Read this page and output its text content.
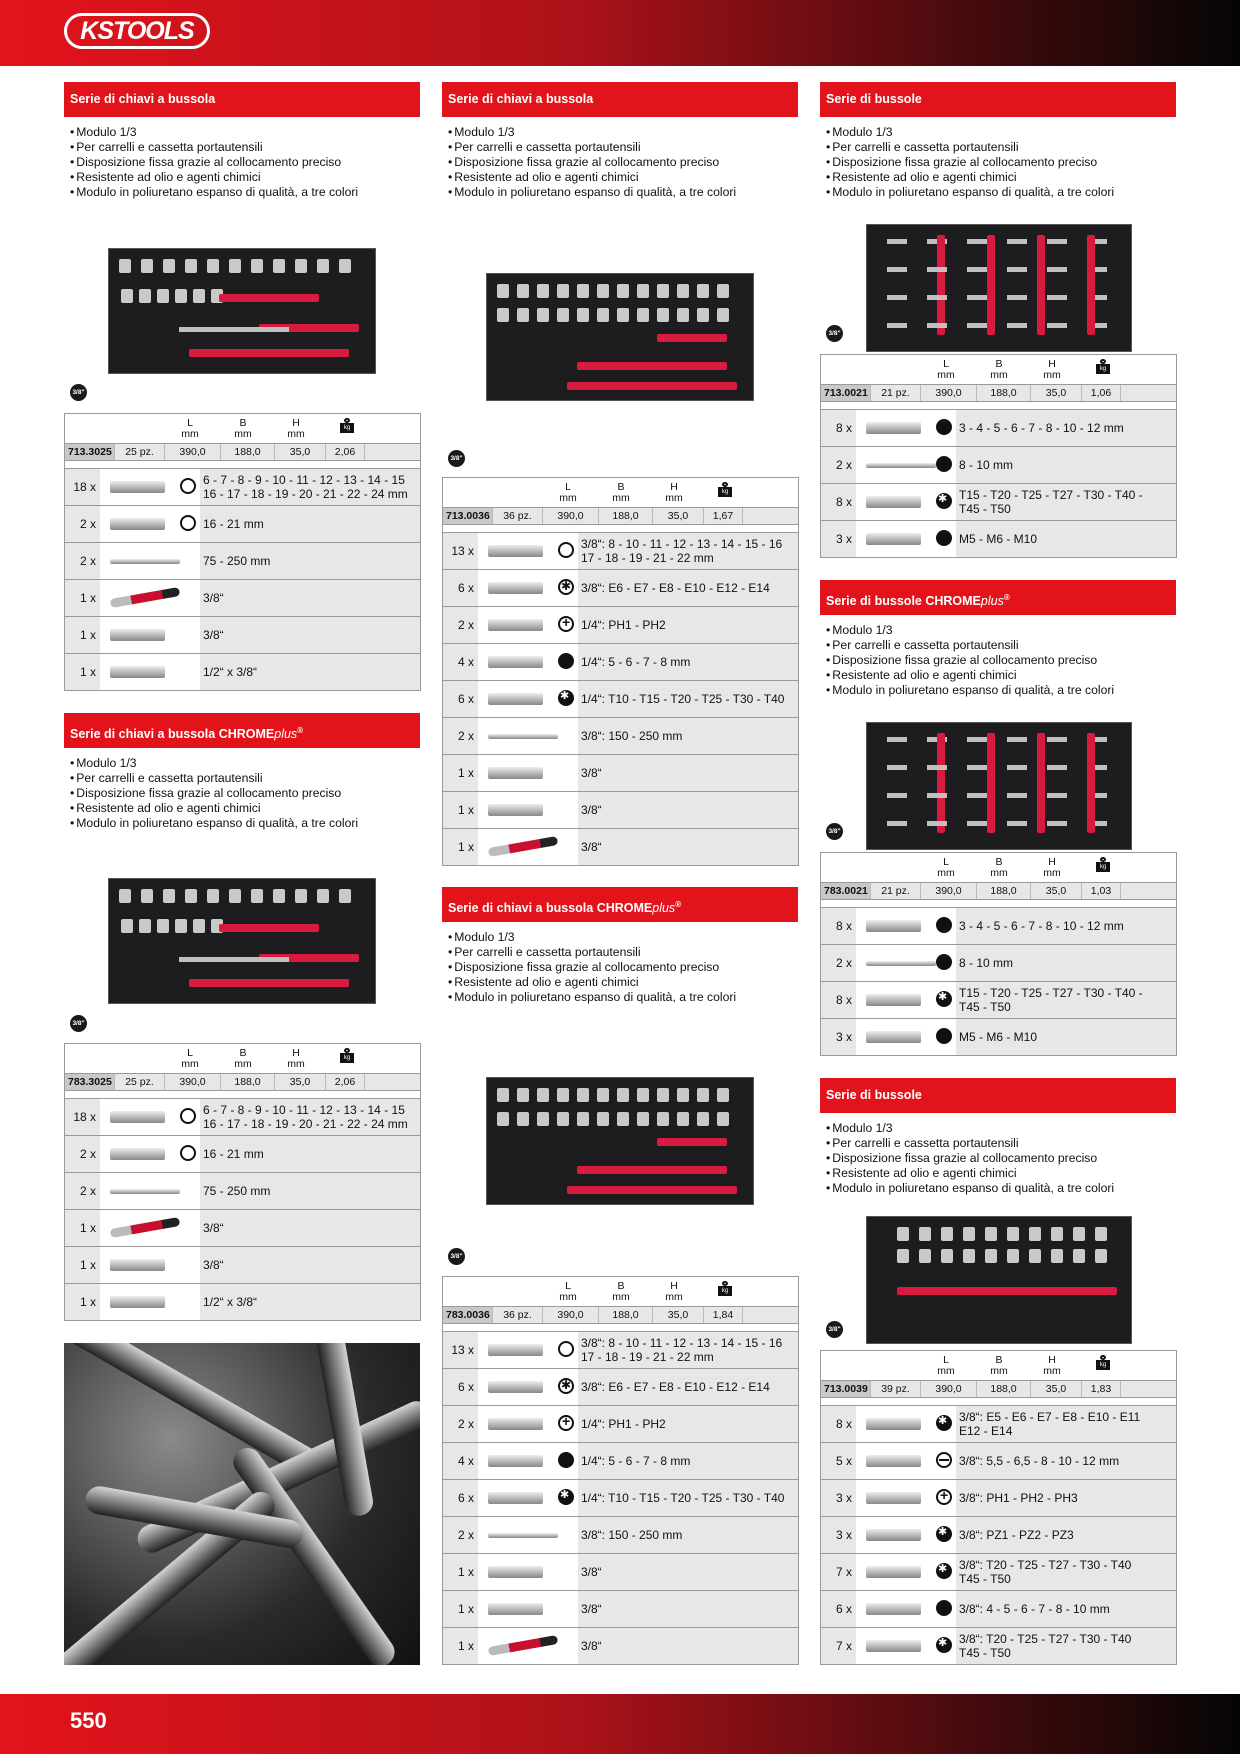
KSTOOLS
Serie di chiavi a bussola
• Modulo 1/3
• Per carrelli e cassetta portautensili
• Disposizione fissa grazie al collocamento preciso
• Resistente ad olio e agenti chimici
• Modulo in poliuretano espanso di qualità, a tre colori
3/8"
L
mm
B
mm
H
mm
kg
713.3025	25 pz.	390,0	188,0	35,0	2,06
18 x	6 - 7 - 8 - 9 - 10 - 11 - 12 - 13 - 14 - 15
16 - 17 - 18 - 19 - 20 - 21 - 22 - 24 mm
2 x	16 - 21 mm
2 x	75 - 250 mm
1 x	3/8“
1 x	3/8“
1 x	1/2“ x 3/8“
Serie di chiavi a bussola CHROMEplus®
• Modulo 1/3
• Per carrelli e cassetta portautensili
• Disposizione fissa grazie al collocamento preciso
• Resistente ad olio e agenti chimici
• Modulo in poliuretano espanso di qualità, a tre colori
3/8"
L
mm
B
mm
H
mm
kg
783.3025	25 pz.	390,0	188,0	35,0	2,06
18 x	6 - 7 - 8 - 9 - 10 - 11 - 12 - 13 - 14 - 15
16 - 17 - 18 - 19 - 20 - 21 - 22 - 24 mm
2 x	16 - 21 mm
2 x	75 - 250 mm
1 x	3/8“
1 x	3/8“
1 x	1/2“ x 3/8“
Serie di chiavi a bussola
• Modulo 1/3
• Per carrelli e cassetta portautensili
• Disposizione fissa grazie al collocamento preciso
• Resistente ad olio e agenti chimici
• Modulo in poliuretano espanso di qualità, a tre colori
3/8"
L
mm
B
mm
H
mm
kg
713.0036	36 pz.	390,0	188,0	35,0	1,67
13 x	3/8“: 8 - 10 - 11 - 12 - 13 - 14 - 15 - 16
17 - 18 - 19 - 21 - 22 mm
6 x ✱	3/8“: E6 - E7 - E8 - E10 - E12 - E14
2 x +	1/4“: PH1 - PH2
4 x	1/4“: 5 - 6 - 7 - 8 mm
6 x ✱	1/4“: T10 - T15 - T20 - T25 - T30 - T40
2 x	3/8“: 150 - 250 mm
1 x	3/8“
1 x	3/8“
1 x	3/8“
Serie di chiavi a bussola CHROMEplus®
• Modulo 1/3
• Per carrelli e cassetta portautensili
• Disposizione fissa grazie al collocamento preciso
• Resistente ad olio e agenti chimici
• Modulo in poliuretano espanso di qualità, a tre colori
3/8"
L
mm
B
mm
H
mm
kg
783.0036	36 pz.	390,0	188,0	35,0	1,84
13 x	3/8“: 8 - 10 - 11 - 12 - 13 - 14 - 15 - 16
17 - 18 - 19 - 21 - 22 mm
6 x ✱	3/8“: E6 - E7 - E8 - E10 - E12 - E14
2 x +	1/4“: PH1 - PH2
4 x	1/4“: 5 - 6 - 7 - 8 mm
6 x ✱	1/4“: T10 - T15 - T20 - T25 - T30 - T40
2 x	3/8“: 150 - 250 mm
1 x	3/8“
1 x	3/8“
1 x	3/8“
Serie di bussole
• Modulo 1/3
• Per carrelli e cassetta portautensili
• Disposizione fissa grazie al collocamento preciso
• Resistente ad olio e agenti chimici
• Modulo in poliuretano espanso di qualità, a tre colori
3/8"
L
mm
B
mm
H
mm
kg
713.0021	21 pz.	390,0	188,0	35,0	1,06
8 x	3 - 4 - 5 - 6 - 7 - 8 - 10 - 12 mm
2 x	8 - 10 mm
8 x ✱	T15 - T20 - T25 - T27 - T30 - T40 -
T45 - T50
3 x	M5 - M6 - M10
Serie di bussole CHROMEplus®
• Modulo 1/3
• Per carrelli e cassetta portautensili
• Disposizione fissa grazie al collocamento preciso
• Resistente ad olio e agenti chimici
• Modulo in poliuretano espanso di qualità, a tre colori
3/8"
L
mm
B
mm
H
mm
kg
783.0021	21 pz.	390,0	188,0	35,0	1,03
8 x	3 - 4 - 5 - 6 - 7 - 8 - 10 - 12 mm
2 x	8 - 10 mm
8 x ✱	T15 - T20 - T25 - T27 - T30 - T40 -
T45 - T50
3 x	M5 - M6 - M10
Serie di bussole
• Modulo 1/3
• Per carrelli e cassetta portautensili
• Disposizione fissa grazie al collocamento preciso
• Resistente ad olio e agenti chimici
• Modulo in poliuretano espanso di qualità, a tre colori
3/8"
L
mm
B
mm
H
mm
kg
713.0039	39 pz.	390,0	188,0	35,0	1,83
8 x ✱	3/8“: E5 - E6 - E7 - E8 - E10 - E11
E12 - E14
5 x	3/8“: 5,5 - 6,5 - 8 - 10 - 12 mm
3 x +	3/8“: PH1 - PH2 - PH3
3 x ✱	3/8“: PZ1 - PZ2 - PZ3
7 x ✱	3/8“: T20 - T25 - T27 - T30 - T40
T45 - T50
6 x	3/8“: 4 - 5 - 6 - 7 - 8 - 10 mm
7 x ✱	3/8“: T20 - T25 - T27 - T30 - T40
T45 - T50
550
